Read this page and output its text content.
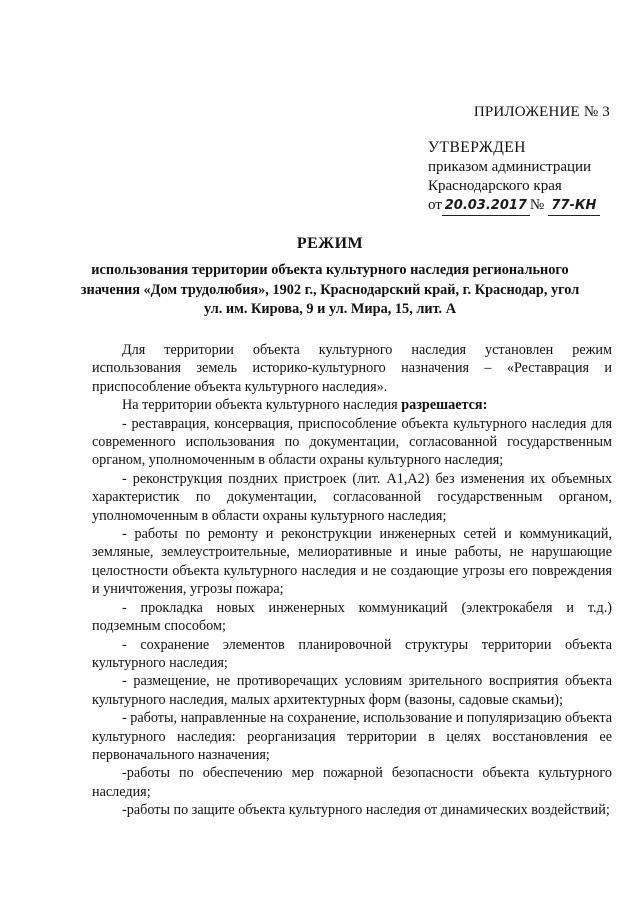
ПРИЛОЖЕНИЕ № 3
УТВЕРЖДЕН
приказом администрации
Краснодарского края
от 20.03.2017 № 77-КН
РЕЖИМ
использования территории объекта культурного наследия регионального значения «Дом трудолюбия», 1902 г., Краснодарский край, г. Краснодар, угол ул. им. Кирова, 9 и ул. Мира, 15, лит. А

Для территории объекта культурного наследия установлен режим использования земель историко-культурного назначения – «Реставрация и приспособление объекта культурного наследия».

На территории объекта культурного наследия разрешается:

- реставрация, консервация, приспособление объекта культурного наследия для современного использования по документации, согласованной государственным органом, уполномоченным в области охраны культурного наследия;

- реконструкция поздних пристроек (лит. А1,А2) без изменения их объемных характеристик по документации, согласованной государственным органом, уполномоченным в области охраны культурного наследия;

- работы по ремонту и реконструкции инженерных сетей и коммуникаций, земляные, землеустроительные, мелиоративные и иные работы, не нарушающие целостности объекта культурного наследия и не создающие угрозы его повреждения и уничтожения, угрозы пожара;

- прокладка новых инженерных коммуникаций (электрокабеля и т.д.) подземным способом;

- сохранение элементов планировочной структуры территории объекта культурного наследия;

- размещение, не противоречащих условиям зрительного восприятия объекта культурного наследия, малых архитектурных форм (вазоны, садовые скамьи);

- работы, направленные на сохранение, использование и популяризацию объекта культурного наследия: реорганизация территории в целях восстановления ее первоначального назначения;

-работы по обеспечению мер пожарной безопасности объекта культурного наследия;

-работы по защите объекта культурного наследия от динамических воздействий;
